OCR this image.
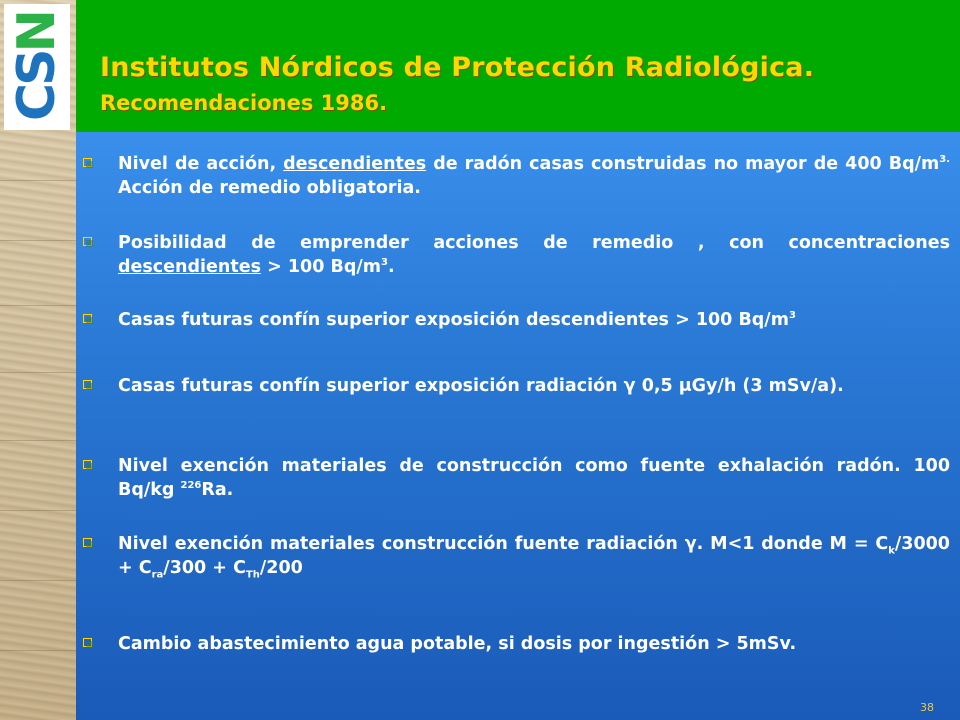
CSN
Institutos Nórdicos de Protección Radiológica.
Recomendaciones 1986.
Nivel de acción, descendientes de radón casas construidas no mayor de 400 $Bq/m^{3.}$ Acción de remedio obligatoria.
Posibilidad de emprender acciones de remedio , con concentraciones descendientes > 100 $Bq/m^3$.
Casas futuras confín superior exposición descendientes > 100 $Bq/m^3$
Casas futuras confín superior exposición radiación γ 0,5 μGy/h (3 mSv/a).
Nivel exención materiales de construcción como fuente exhalación radón. 100 Bq/kg $^{226}$Ra.
Nivel exención materiales construcción fuente radiación γ. M<1 donde $M = C_k/3000 + C_{ra}/300 + C_{Th}/200$
Cambio abastecimiento agua potable, si dosis por ingestión > 5mSv.
38
